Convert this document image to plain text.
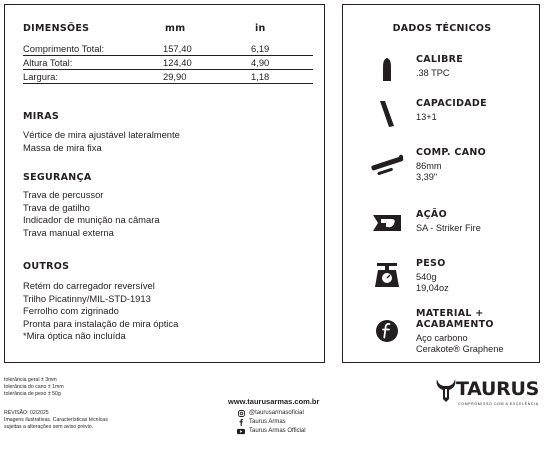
DIMENSÕES	mm	in
Comprimento Total:	157,40	6,19
Altura Total:	124,40	4,90
Largura:	29,90	1,18
MIRAS
Vértice de mira ajustável lateralmente
Massa de mira fixa
SEGURANÇA
Trava de percussor
Trava de gatilho
Indicador de munição na câmara
Trava manual externa
OUTROS
Retém do carregador reversível
Trilho Picatinny/MIL-STD-1913
Ferrolho com zigrinado
Pronta para instalação de mira óptica
*Mira óptica não incluída
DADOS TÉCNICOS
CALIBRE
.38 TPC
CAPACIDADE
13+1
COMP. CANO
86mm
3,39"
AÇÃO
SA - Striker Fire
PESO
540g
19,04oz
MATERIAL +
ACABAMENTO
Aço carbono
Cerakote® Graphene
tolerância geral ± 3mm
tolerância do cano ± 1mm
tolerância de peso ± 50g
REVISÃO: 02/2025
Imagens ilustrativas. Características técnicas
sujeitas a alterações sem aviso prévio.
www.taurusarmas.com.br
@taurusarmasoficial
Taurus Armas
Taurus Armas Official
TAURUS
COMPROMISSO COM A EXCELÊNCIA
